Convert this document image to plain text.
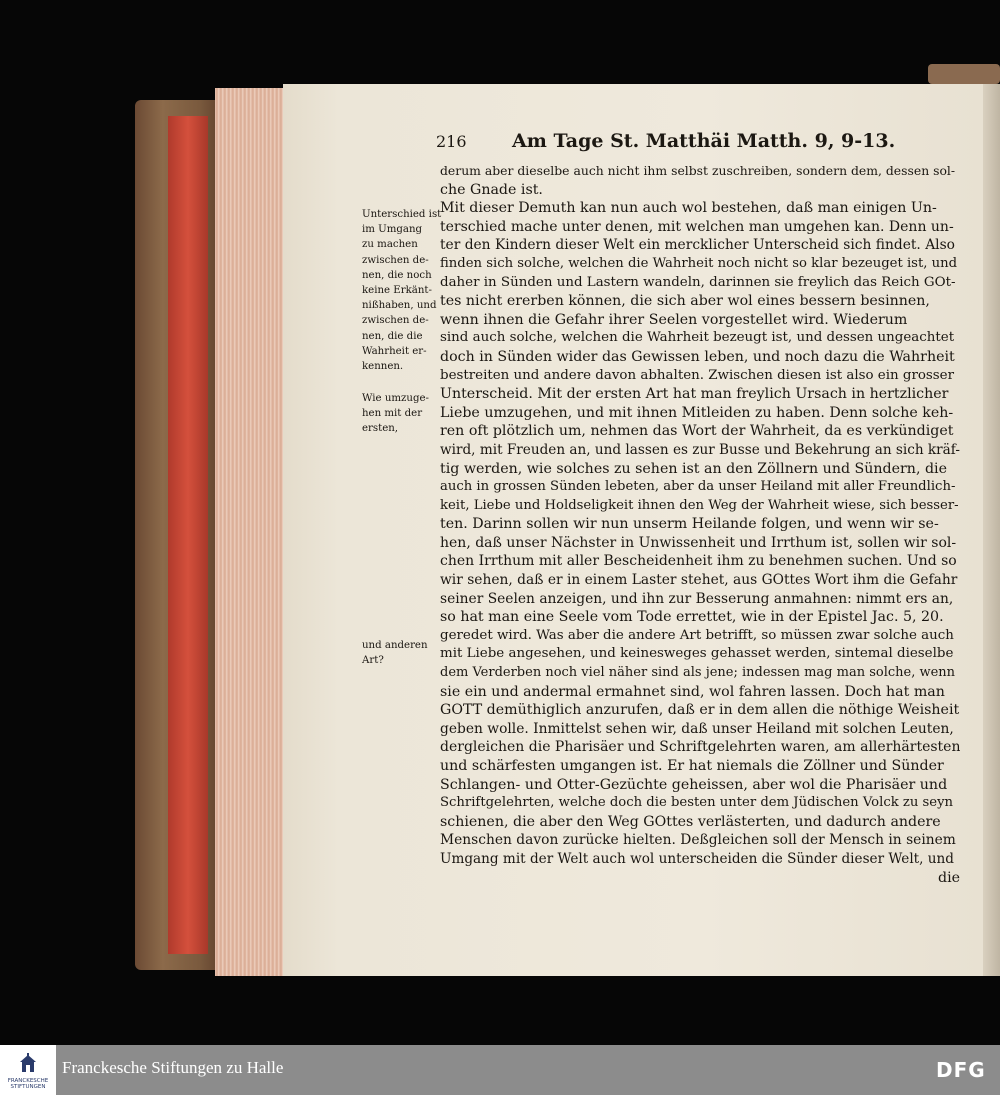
216 Am Tage St. Matthäi Matth. 9, 9-13.
derum aber dieselbe auch nicht ihm selbst zuschreiben, sondern dem, dessen sol-
che Gnade ist.
Mit dieser Demuth kan nun auch wol bestehen, daß man einigen Un-
terschied mache unter denen, mit welchen man umgehen kan. Denn un-
ter den Kindern dieser Welt ein mercklicher Unterscheid sich findet. Also
finden sich solche, welchen die Wahrheit noch nicht so klar bezeuget ist, und
daher in Sünden und Lastern wandeln, darinnen sie freylich das Reich GOt-
tes nicht ererben können, die sich aber wol eines bessern besinnen,
wenn ihnen die Gefahr ihrer Seelen vorgestellet wird. Wiederum
sind auch solche, welchen die Wahrheit bezeugt ist, und dessen ungeachtet
doch in Sünden wider das Gewissen leben, und noch dazu die Wahrheit
bestreiten und andere davon abhalten. Zwischen diesen ist also ein grosser
Unterscheid. Mit der ersten Art hat man freylich Ursach in hertzlicher
Liebe umzugehen, und mit ihnen Mitleiden zu haben. Denn solche keh-
ren oft plötzlich um, nehmen das Wort der Wahrheit, da es verkündiget
wird, mit Freuden an, und lassen es zur Busse und Bekehrung an sich kräf-
tig werden, wie solches zu sehen ist an den Zöllnern und Sündern, die
auch in grossen Sünden lebeten, aber da unser Heiland mit aller Freundlich-
keit, Liebe und Holdseligkeit ihnen den Weg der Wahrheit wiese, sich besser-
ten. Darinn sollen wir nun unserm Heilande folgen, und wenn wir se-
hen, daß unser Nächster in Unwissenheit und Irrthum ist, sollen wir sol-
chen Irrthum mit aller Bescheidenheit ihm zu benehmen suchen. Und so
wir sehen, daß er in einem Laster stehet, aus GOttes Wort ihm die Gefahr
seiner Seelen anzeigen, und ihn zur Besserung anmahnen: nimmt ers an,
so hat man eine Seele vom Tode errettet, wie in der Epistel Jac. 5, 20.
geredet wird. Was aber die andere Art betrifft, so müssen zwar solche auch
mit Liebe angesehen, und keinesweges gehasset werden, sintemal dieselbe
dem Verderben noch viel näher sind als jene; indessen mag man solche, wenn
sie ein und andermal ermahnet sind, wol fahren lassen. Doch hat man
GOTT demüthiglich anzurufen, daß er in dem allen die nöthige Weisheit
geben wolle. Inmittelst sehen wir, daß unser Heiland mit solchen Leuten,
dergleichen die Pharisäer und Schriftgelehrten waren, am allerhärtesten
und schärfesten umgangen ist. Er hat niemals die Zöllner und Sünder
Schlangen- und Otter-Gezüchte geheissen, aber wol die Pharisäer und
Schriftgelehrten, welche doch die besten unter dem Jüdischen Volck zu seyn
schienen, die aber den Weg GOttes verlästerten, und dadurch andere
Menschen davon zurücke hielten. Deßgleichen soll der Mensch in seinem
Umgang mit der Welt auch wol unterscheiden die Sünder dieser Welt, und
die
Unterschied ist
im Umgang
zu machen
zwischen de-
nen, die noch
keine Erkänt-
nißhaben, und
zwischen de-
nen, die die
Wahrheit er-
kennen.
Wie umzuge-
hen mit der
ersten,
und anderen
Art?
FRANCKESCHE STIFTUNGEN
Franckesche Stiftungen zu Halle	DFG
